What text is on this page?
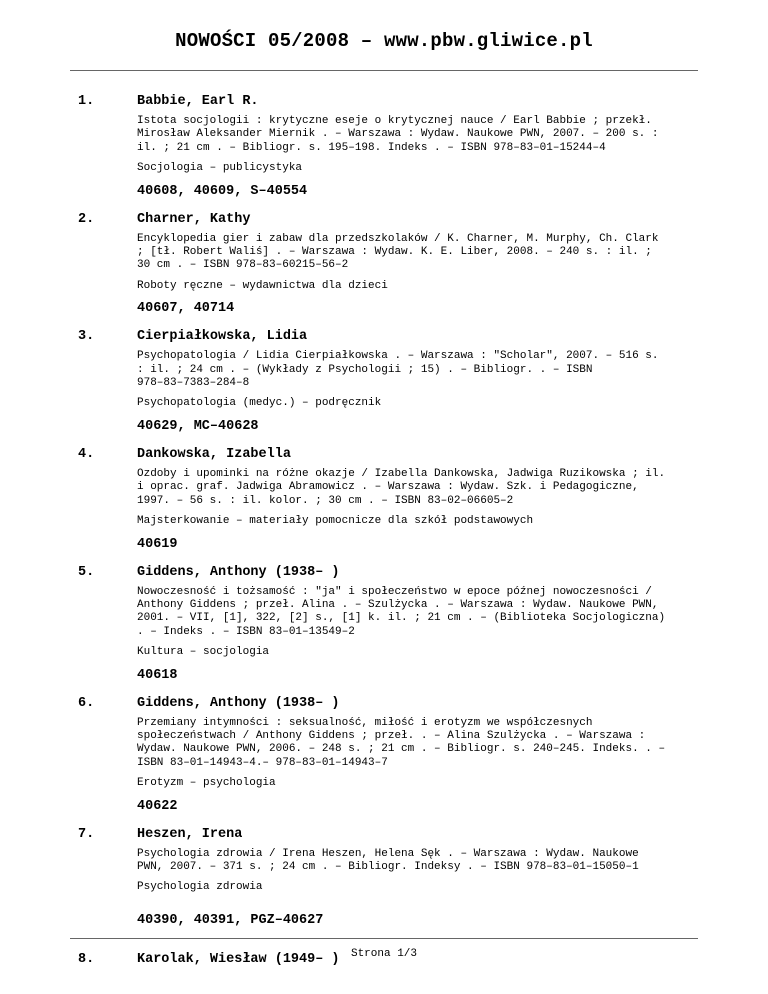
NOWOŚCI 05/2008 – www.pbw.gliwice.pl
1.	Babbie, Earl R.
Istota socjologii : krytyczne eseje o krytycznej nauce / Earl Babbie ; przekł.
Mirosław Aleksander Miernik . – Warszawa : Wydaw. Naukowe PWN, 2007. – 200 s. :
il. ; 21 cm . – Bibliogr. s. 195–198. Indeks . – ISBN 978–83–01–15244–4
Socjologia – publicystyka
40608, 40609, S–40554
2.	Charner, Kathy
Encyklopedia gier i zabaw dla przedszkolaków / K. Charner, M. Murphy, Ch. Clark
; [tł. Robert Waliś] . – Warszawa : Wydaw. K. E. Liber, 2008. – 240 s. : il. ;
30 cm . – ISBN 978–83–60215–56–2
Roboty ręczne – wydawnictwa dla dzieci
40607, 40714
3.	Cierpiałkowska, Lidia
Psychopatologia / Lidia Cierpiałkowska . – Warszawa : "Scholar", 2007. – 516 s.
: il. ; 24 cm . – (Wykłady z Psychologii ; 15) . – Bibliogr. . – ISBN
978–83–7383–284–8
Psychopatologia (medyc.) – podręcznik
40629, MC–40628
4.	Dankowska, Izabella
Ozdoby i upominki na różne okazje / Izabella Dankowska, Jadwiga Ruzikowska ; il.
i oprac. graf. Jadwiga Abramowicz . – Warszawa : Wydaw. Szk. i Pedagogiczne,
1997. – 56 s. : il. kolor. ; 30 cm . – ISBN 83–02–06605–2
Majsterkowanie – materiały pomocnicze dla szkół podstawowych
40619
5.	Giddens, Anthony (1938– )
Nowoczesność i tożsamość : "ja" i społeczeństwo w epoce późnej nowoczesności /
Anthony Giddens ; przeł. Alina . – Szulżycka . – Warszawa : Wydaw. Naukowe PWN,
2001. – VII, [1], 322, [2] s., [1] k. il. ; 21 cm . – (Biblioteka Socjologiczna)
. – Indeks . – ISBN 83–01–13549–2
Kultura – socjologia
40618
6.	Giddens, Anthony (1938– )
Przemiany intymności : seksualność, miłość i erotyzm we współczesnych
społeczeństwach / Anthony Giddens ; przeł. . – Alina Szulżycka . – Warszawa :
Wydaw. Naukowe PWN, 2006. – 248 s. ; 21 cm . – Bibliogr. s. 240–245. Indeks. . –
ISBN 83–01–14943–4.– 978–83–01–14943–7
Erotyzm – psychologia
40622
7.	Heszen, Irena
Psychologia zdrowia / Irena Heszen, Helena Sęk . – Warszawa : Wydaw. Naukowe
PWN, 2007. – 371 s. ; 24 cm . – Bibliogr. Indeksy . – ISBN 978–83–01–15050–1
Psychologia zdrowia
40390, 40391, PGZ–40627
8.	Karolak, Wiesław (1949– )	Strona 1/3
